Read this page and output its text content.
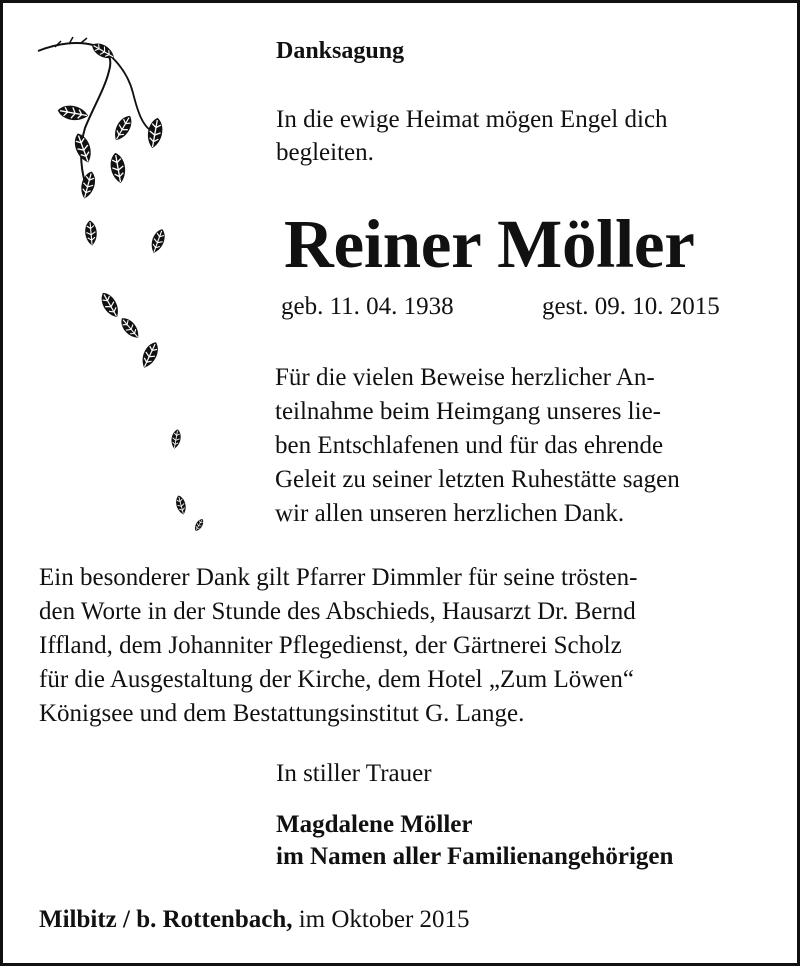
Danksagung

In die ewige Heimat mögen Engel dich
begleiten.

Reiner Möller

geb. 11. 04. 1938	gest. 09. 10. 2015

Für die vielen Beweise herzlicher An-
teilnahme beim Heimgang unseres lie-
ben Entschlafenen und für das ehrende
Geleit zu seiner letzten Ruhestätte sagen
wir allen unseren herzlichen Dank.

Ein besonderer Dank gilt Pfarrer Dimmler für seine trösten-
den Worte in der Stunde des Abschieds, Hausarzt Dr. Bernd
Iffland, dem Johanniter Pflegedienst, der Gärtnerei Scholz
für die Ausgestaltung der Kirche, dem Hotel „Zum Löwen“
Königsee und dem Bestattungsinstitut G. Lange.

In stiller Trauer

Magdalene Möller
im Namen aller Familienangehörigen

Milbitz / b. Rottenbach, im Oktober 2015
